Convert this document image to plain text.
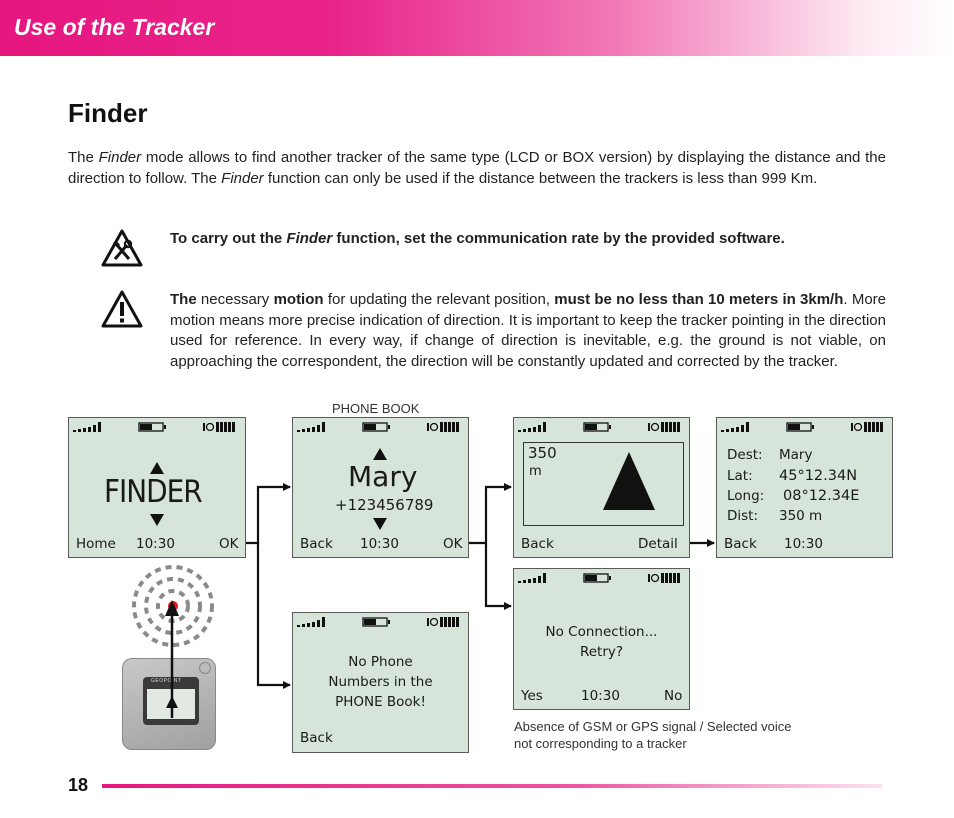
Use of the Tracker
Finder
The Finder mode allows to find another tracker of the same type (LCD or BOX version) by displaying the distance and the direction to follow. The Finder function can only be used if the distance between the trackers is less than 999 Km.
To carry out the Finder function, set the communication rate by the provided software.
The necessary motion for updating the relevant position, must be no less than 10 meters in 3km/h. More motion means more precise indication of direction. It is important to keep the tracker pointing in the direction used for reference. In every way, if change of direction is inevitable, e.g. the ground is not viable, on approaching the correspondent, the direction will be constantly updated and corrected by the tracker.
FINDER
Home 10:30	OK
PHONE BOOK
Mary
+123456789
Back 10:30	OK
350
m
Back	Detail
Dest: Mary
Lat: 45°12.34N
Long: 08°12.34E
Dist: 350 m
Back 10:30
No Connection...
Retry?
Yes	10:30	No
Absence of GSM or GPS signal / Selected voice not corresponding to a tracker
No Phone
Numbers in the
PHONE Book!
Back
GEOPOINT
18
